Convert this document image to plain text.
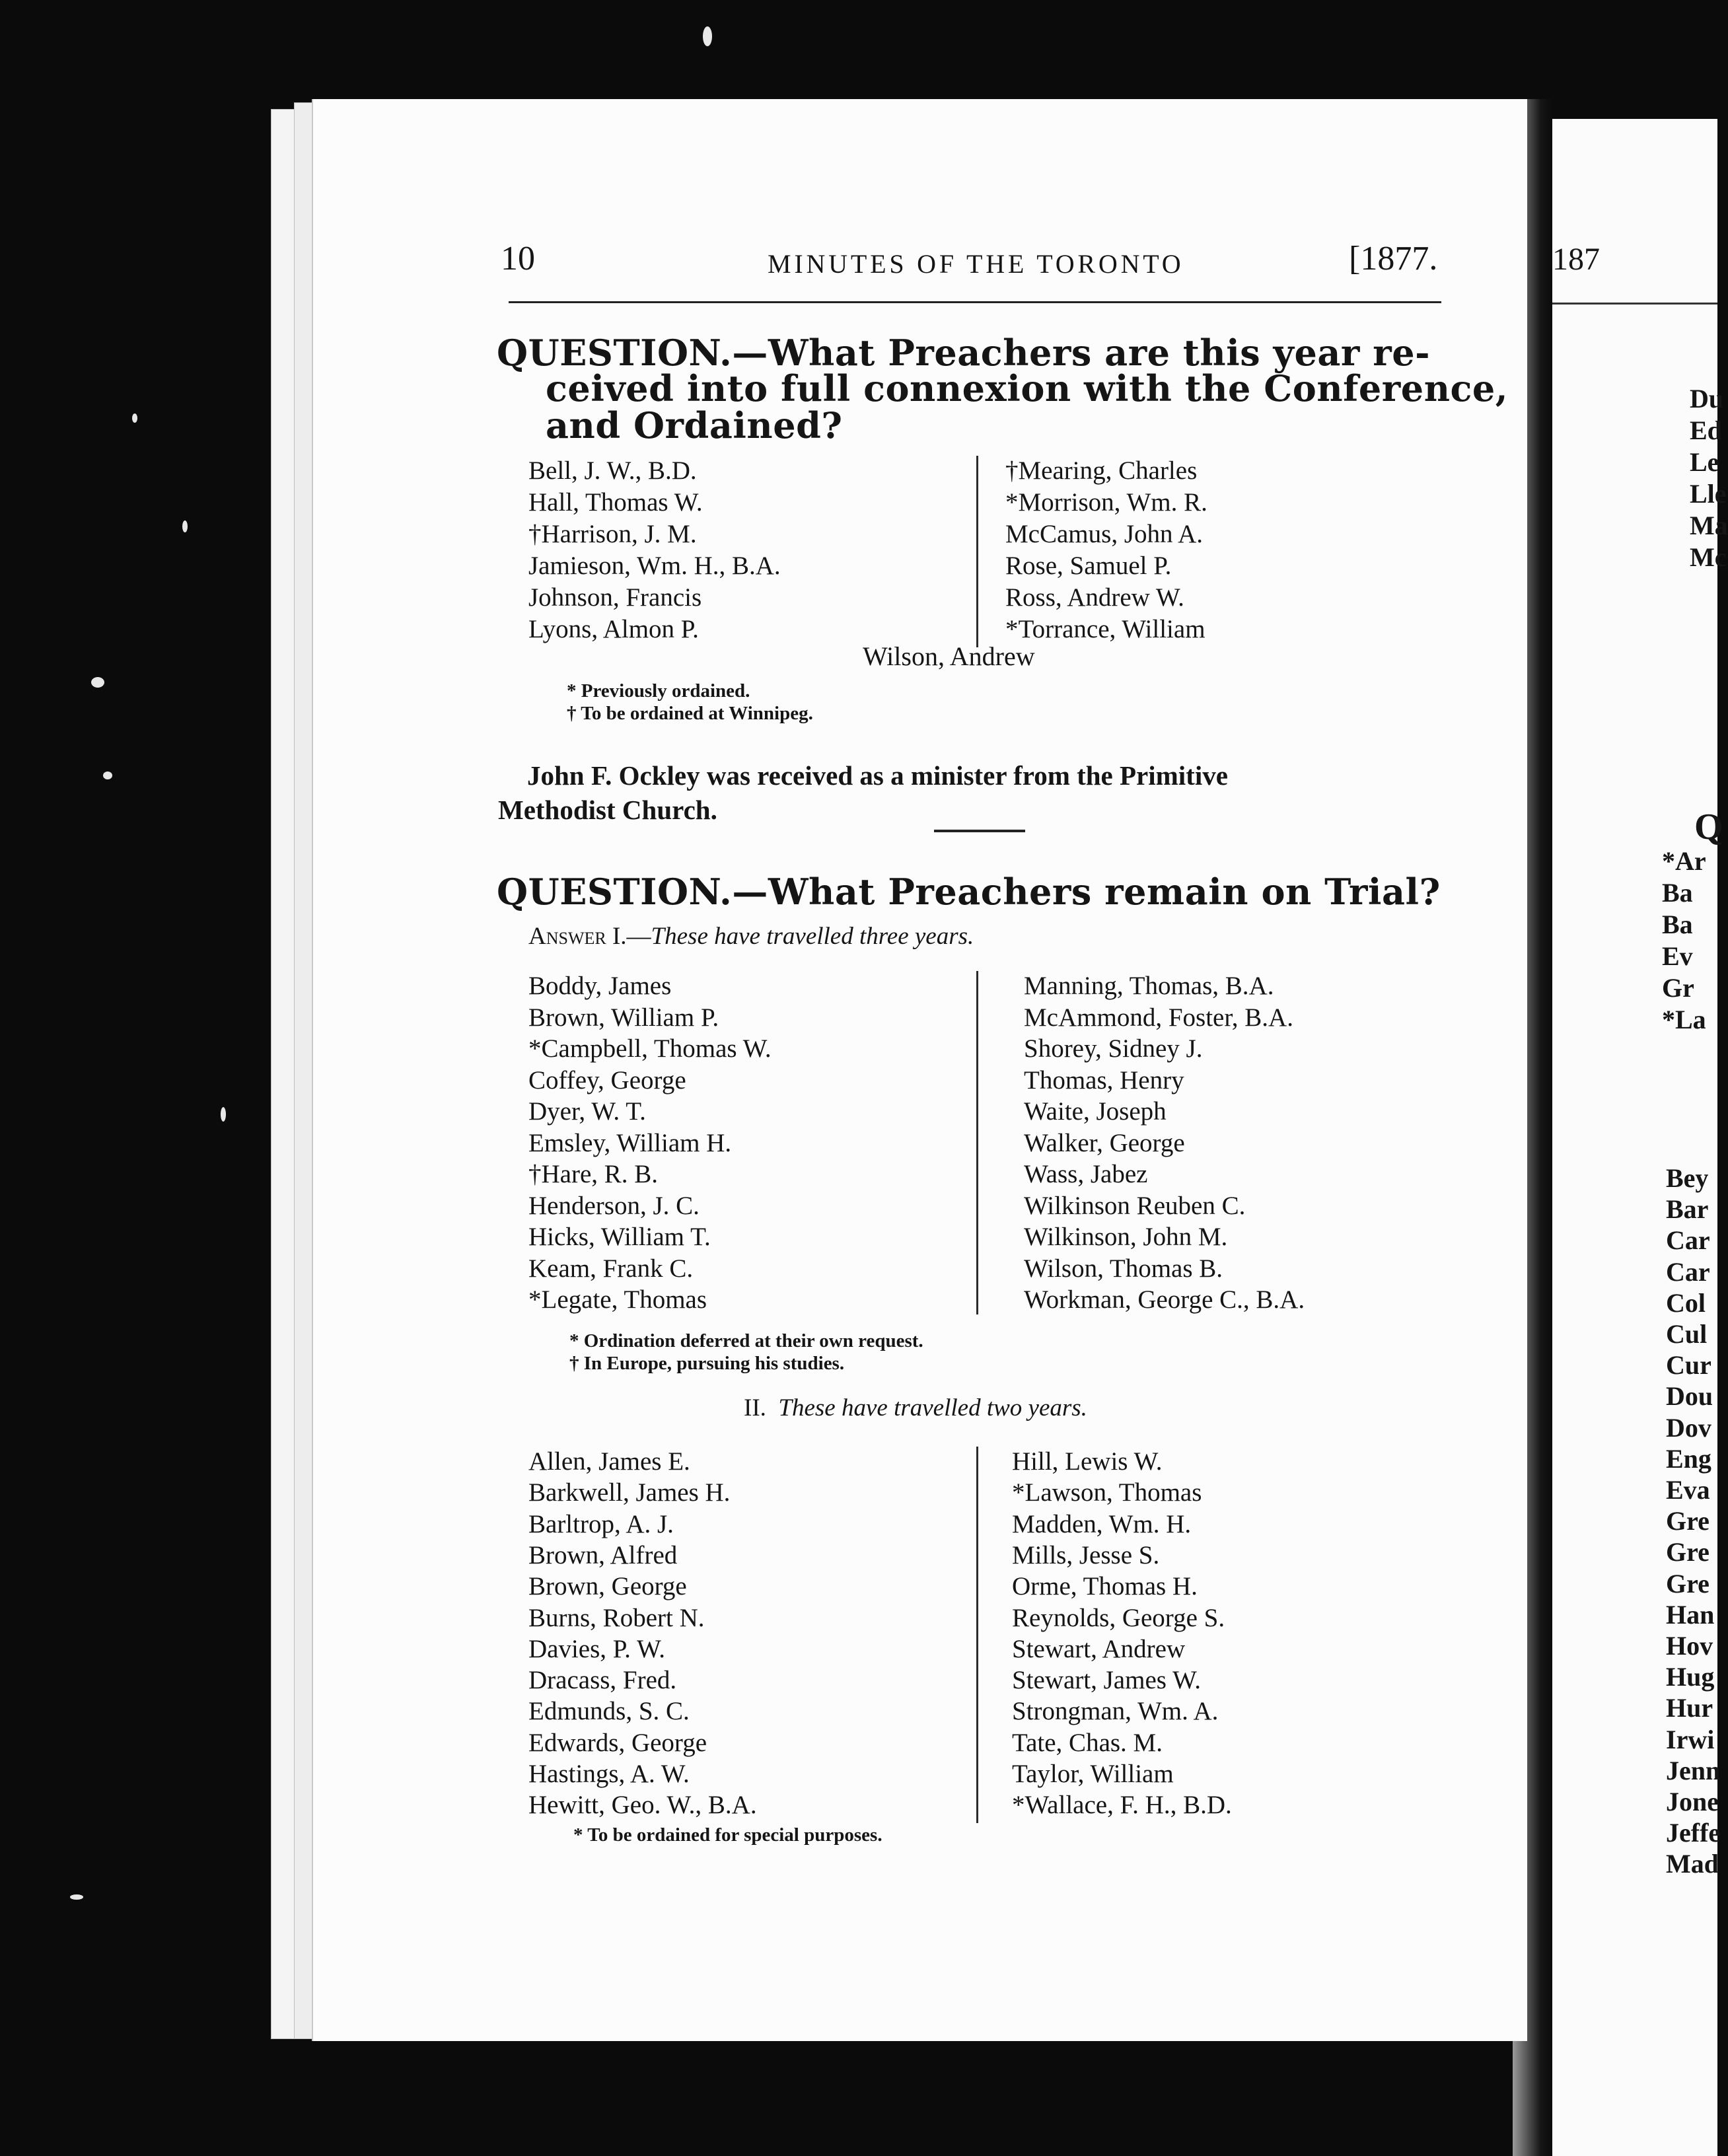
187
Du
Ed
Le
Lle
Ma
Mc
Q
*Ar
Ba
Ba
Ev
Gr
*La
Bey
Bar
Car
Car
Col
Cul
Cur
Dou
Dov
Eng
Eva
Gre
Gre
Gre
Han
Hov
Hug
Hur
Irwi
Jenn
Jone
Jeffe
Mad
10	MINUTES OF THE TORONTO	[1877.
QUESTION.—What Preachers are this year re-
ceived into full connexion with the Conference,
and Ordained?
Bell, J. W., B.D.
Hall, Thomas W.
†Harrison, J. M.
Jamieson, Wm. H., B.A.
Johnson, Francis
Lyons, Almon P.
†Mearing, Charles
*Morrison, Wm. R.
McCamus, John A.
Rose, Samuel P.
Ross, Andrew W.
*Torrance, William
Wilson, Andrew
* Previously ordained.
† To be ordained at Winnipeg.
John F. Ockley was received as a minister from the Primitive
Methodist Church.
QUESTION.—What Preachers remain on Trial?
Answer I.—These have travelled three years.
Boddy, James
Brown, William P.
*Campbell, Thomas W.
Coffey, George
Dyer, W. T.
Emsley, William H.
†Hare, R. B.
Henderson, J. C.
Hicks, William T.
Keam, Frank C.
*Legate, Thomas
Manning, Thomas, B.A.
McAmmond, Foster, B.A.
Shorey, Sidney J.
Thomas, Henry
Waite, Joseph
Walker, George
Wass, Jabez
Wilkinson Reuben C.
Wilkinson, John M.
Wilson, Thomas B.
Workman, George C., B.A.
* Ordination deferred at their own request.
† In Europe, pursuing his studies.
II. These have travelled two years.
Allen, James E.
Barkwell, James H.
Barltrop, A. J.
Brown, Alfred
Brown, George
Burns, Robert N.
Davies, P. W.
Dracass, Fred.
Edmunds, S. C.
Edwards, George
Hastings, A. W.
Hewitt, Geo. W., B.A.
Hill, Lewis W.
*Lawson, Thomas
Madden, Wm. H.
Mills, Jesse S.
Orme, Thomas H.
Reynolds, George S.
Stewart, Andrew
Stewart, James W.
Strongman, Wm. A.
Tate, Chas. M.
Taylor, William
*Wallace, F. H., B.D.
* To be ordained for special purposes.
